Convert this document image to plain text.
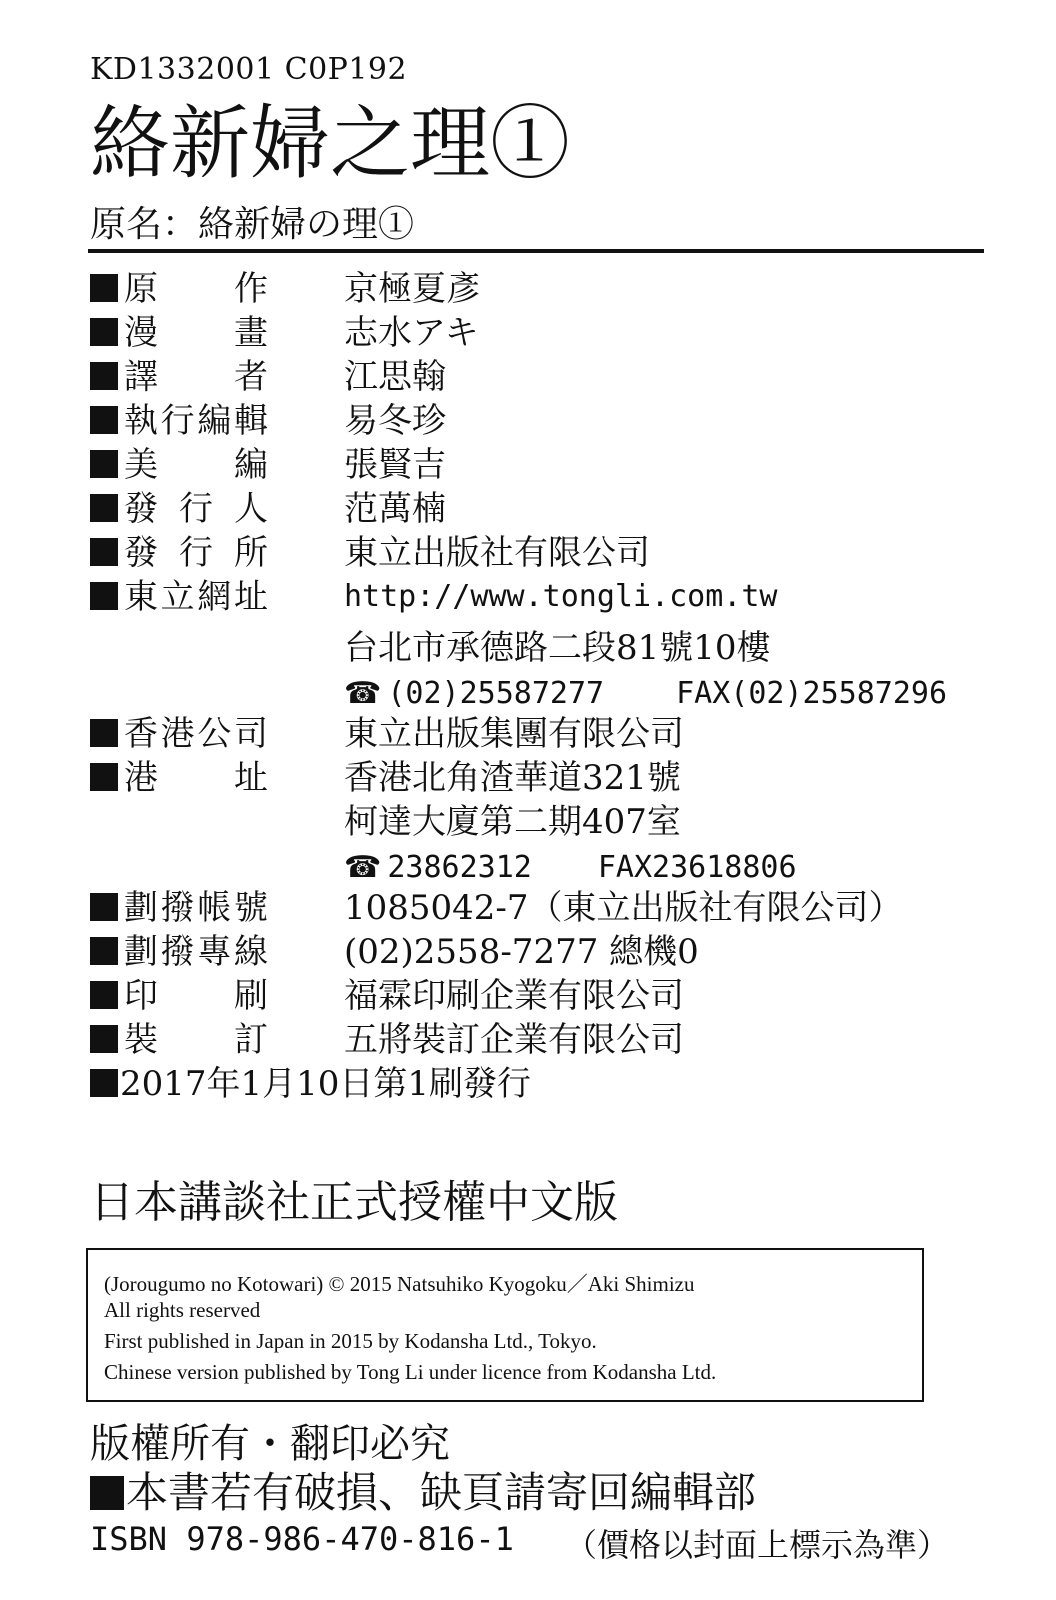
KD1332001 C0P192
絡新婦之理①
原名：絡新婦の理①
原 作 京極夏彥
漫 畫 志水アキ
譯 者 江思翰
執 行 編 輯 易冬珍
美 編 張賢吉
發 行 人 范萬楠
發 行 所 東立出版社有限公司
東 立 網 址	http://www.tongli.com.tw
台北市承德路二段81號10樓
☎ (02)25587277 FAX(02)25587296
香 港 公 司 東立出版集團有限公司
港 址 香港北角渣華道321號
柯達大廈第二期407室
☎ 23862312 FAX23618806
劃 撥 帳 號 1085042-7（東立出版社有限公司）
劃 撥 專 線 (02)2558-7277 總機0
印 刷 福霖印刷企業有限公司
裝 訂 五將裝訂企業有限公司
2017年1月10日第1刷發行
日本講談社正式授權中文版
(Jorougumo no Kotowari) © 2015 Natsuhiko Kyogoku／Aki Shimizu
All rights reserved
First published in Japan in 2015 by Kodansha Ltd., Tokyo.
Chinese version published by Tong Li under licence from Kodansha Ltd.
版權所有・翻印必究
本書若有破損、缺頁請寄回編輯部
ISBN 978-986-470-816-1 （價格以封面上標示為準）
